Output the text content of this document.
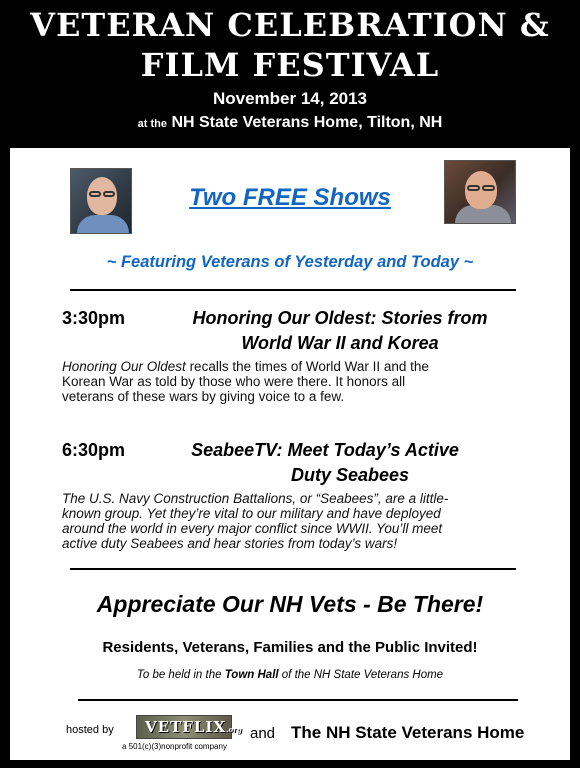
VETERAN CELEBRATION &
FILM FESTIVAL
November 14, 2013
at the NH State Veterans Home, Tilton, NH
Two FREE Shows
~ Featuring Veterans of Yesterday and Today ~
3:30pm	Honoring Our Oldest: Stories from
World War II and Korea
Honoring Our Oldest recalls the times of World War II and the
Korean War as told by those who were there. It honors all
veterans of these wars by giving voice to a few.
6:30pm	SeabeeTV: Meet Today’s Active
Duty Seabees
The U.S. Navy Construction Battalions, or “Seabees”, are a little-
known group. Yet they’re vital to our military and have deployed
around the world in every major conflict since WWII. You’ll meet
active duty Seabees and hear stories from today’s wars!
Appreciate Our NH Vets - Be There!
Residents, Veterans, Families and the Public Invited!
To be held in the Town Hall of the NH State Veterans Home
hosted by	VETFLIX.org
a 501(c)(3)nonprofit company
and The NH State Veterans Home
